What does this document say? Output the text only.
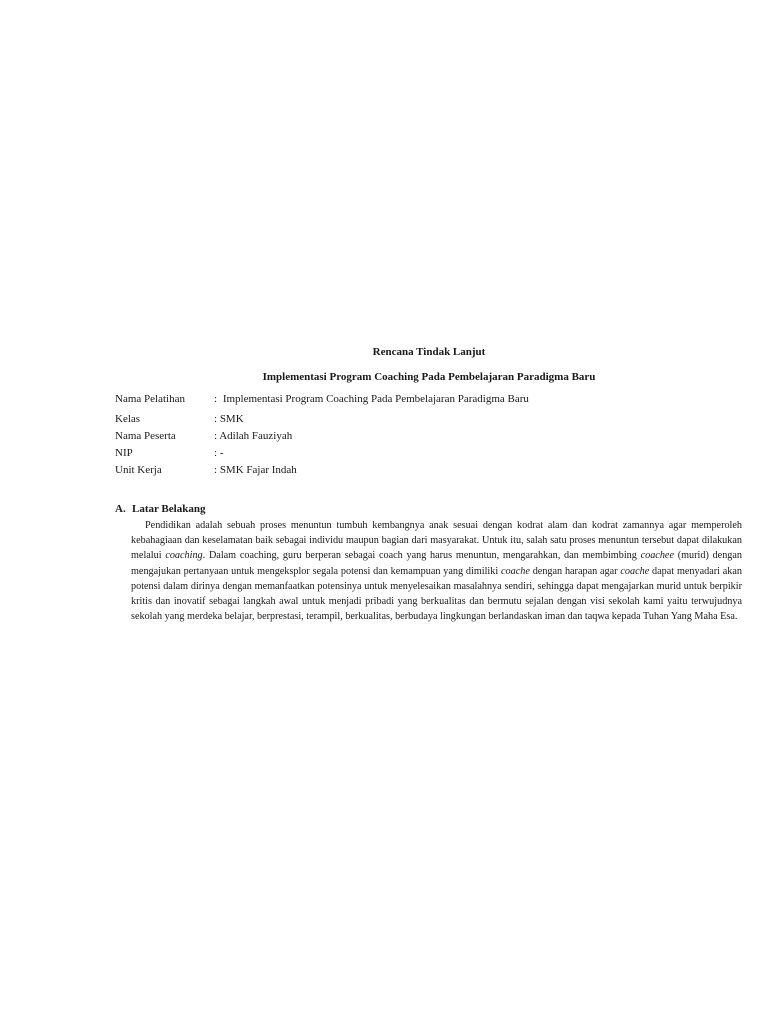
Rencana Tindak Lanjut
Implementasi Program Coaching Pada Pembelajaran Paradigma Baru
Nama Pelatihan	: Implementasi Program Coaching Pada Pembelajaran Paradigma Baru
Kelas	: SMK
Nama Peserta	: Adilah Fauziyah
NIP	: -
Unit Kerja	: SMK Fajar Indah
A. Latar Belakang
Pendidikan adalah sebuah proses menuntun tumbuh kembangnya anak sesuai dengan kodrat alam dan kodrat zamannya agar memperoleh kebahagiaan dan keselamatan baik sebagai individu maupun bagian dari masyarakat. Untuk itu, salah satu proses menuntun tersebut dapat dilakukan melalui coaching. Dalam coaching, guru berperan sebagai coach yang harus menuntun, mengarahkan, dan membimbing coachee (murid) dengan mengajukan pertanyaan untuk mengeksplor segala potensi dan kemampuan yang dimiliki coache dengan harapan agar coache dapat menyadari akan potensi dalam dirinya dengan memanfaatkan potensinya untuk menyelesaikan masalahnya sendiri, sehingga dapat mengajarkan murid untuk berpikir kritis dan inovatif sebagai langkah awal untuk menjadi pribadi yang berkualitas dan bermutu sejalan dengan visi sekolah kami yaitu terwujudnya sekolah yang merdeka belajar, berprestasi, terampil, berkualitas, berbudaya lingkungan berlandaskan iman dan taqwa kepada Tuhan Yang Maha Esa.
